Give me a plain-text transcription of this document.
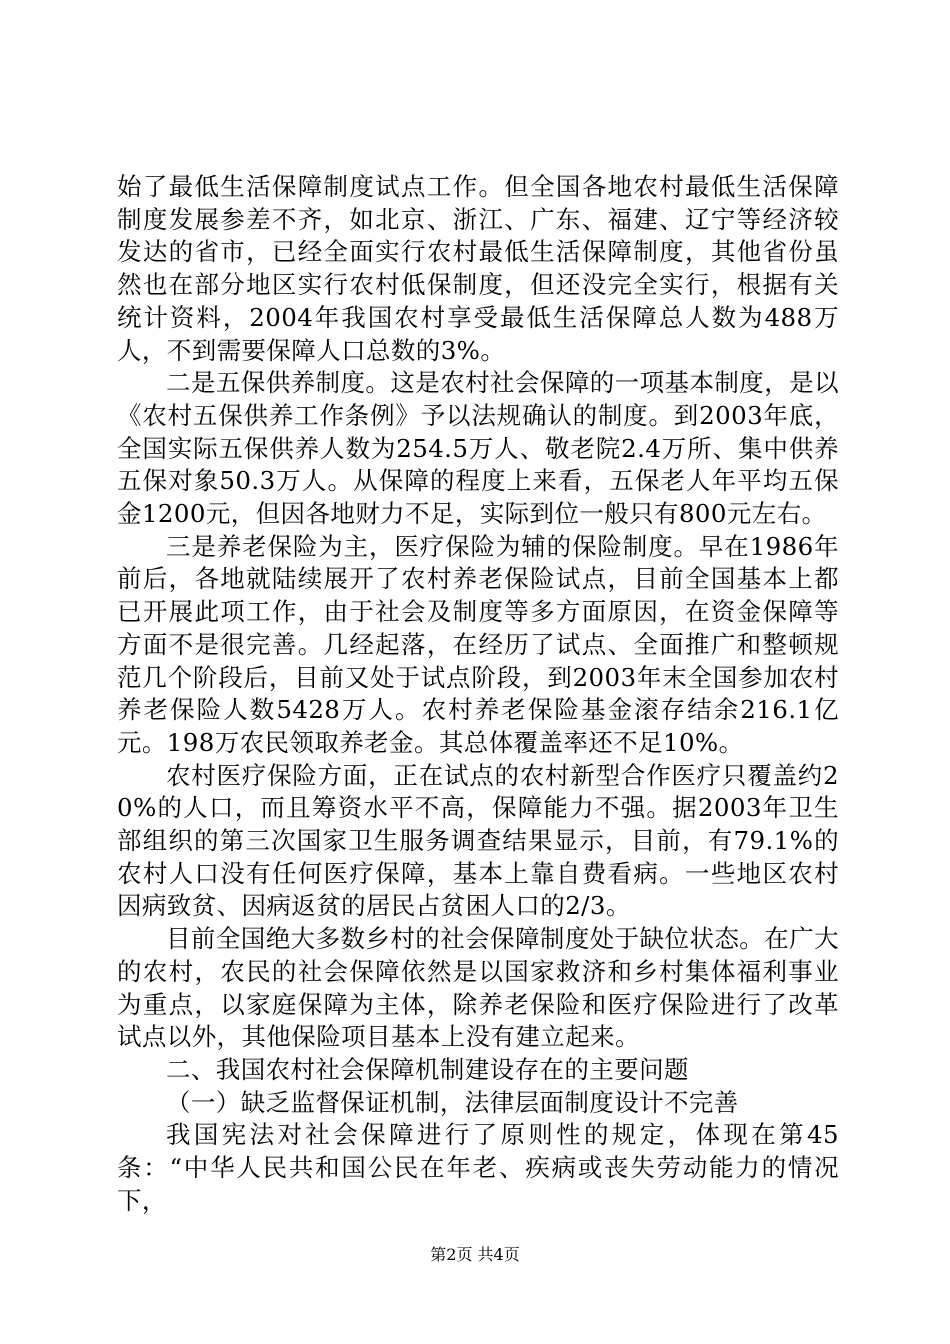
始了最低生活保障制度试点工作。但全国各地农村最低生活保障制度发展参差不齐，如北京、浙江、广东、福建、辽宁等经济较发达的省市，已经全面实行农村最低生活保障制度，其他省份虽然也在部分地区实行农村低保制度，但还没完全实行，根据有关统计资料，2004年我国农村享受最低生活保障总人数为488万人，不到需要保障人口总数的3%。

二是五保供养制度。这是农村社会保障的一项基本制度，是以《农村五保供养工作条例》予以法规确认的制度。到2003年底，全国实际五保供养人数为254.5万人、敬老院2.4万所、集中供养五保对象50.3万人。从保障的程度上来看，五保老人年平均五保金1200元，但因各地财力不足，实际到位一般只有800元左右。

三是养老保险为主，医疗保险为辅的保险制度。早在1986年前后，各地就陆续展开了农村养老保险试点，目前全国基本上都已开展此项工作，由于社会及制度等多方面原因，在资金保障等方面不是很完善。几经起落，在经历了试点、全面推广和整顿规范几个阶段后，目前又处于试点阶段，到2003年末全国参加农村养老保险人数5428万人。农村养老保险基金滚存结余216.1亿元。198万农民领取养老金。其总体覆盖率还不足10%。

农村医疗保险方面，正在试点的农村新型合作医疗只覆盖约20%的人口，而且筹资水平不高，保障能力不强。据2003年卫生部组织的第三次国家卫生服务调查结果显示，目前，有79.1%的农村人口没有任何医疗保障，基本上靠自费看病。一些地区农村因病致贫、因病返贫的居民占贫困人口的2/3。

目前全国绝大多数乡村的社会保障制度处于缺位状态。在广大的农村，农民的社会保障依然是以国家救济和乡村集体福利事业为重点，以家庭保障为主体，除养老保险和医疗保险进行了改革试点以外，其他保险项目基本上没有建立起来。

二、我国农村社会保障机制建设存在的主要问题

（一）缺乏监督保证机制，法律层面制度设计不完善

我国宪法对社会保障进行了原则性的规定，体现在第45条：“中华人民共和国公民在年老、疾病或丧失劳动能力的情况下，

第2页 共4页
